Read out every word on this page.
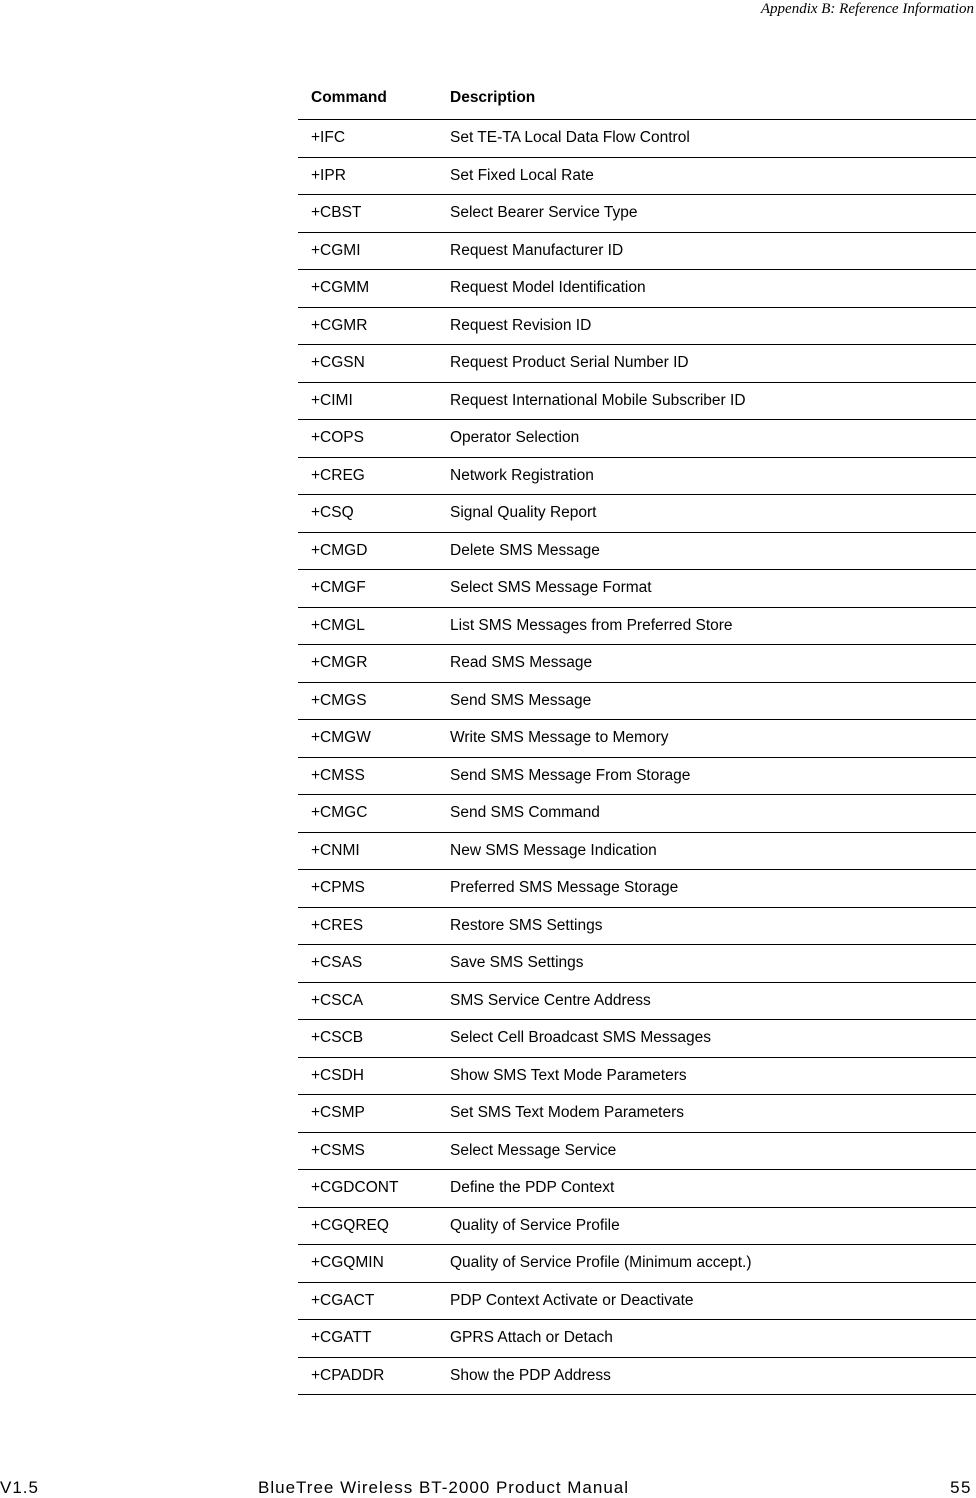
Appendix B: Reference Information
Command	Description
+IFC	Set TE-TA Local Data Flow Control
+IPR	Set Fixed Local Rate
+CBST	Select Bearer Service Type
+CGMI	Request Manufacturer ID
+CGMM	Request Model Identification
+CGMR	Request Revision ID
+CGSN	Request Product Serial Number ID
+CIMI	Request International Mobile Subscriber ID
+COPS	Operator Selection
+CREG	Network Registration
+CSQ	Signal Quality Report
+CMGD	Delete SMS Message
+CMGF	Select SMS Message Format
+CMGL	List SMS Messages from Preferred Store
+CMGR	Read SMS Message
+CMGS	Send SMS Message
+CMGW	Write SMS Message to Memory
+CMSS	Send SMS Message From Storage
+CMGC	Send SMS Command
+CNMI	New SMS Message Indication
+CPMS	Preferred SMS Message Storage
+CRES	Restore SMS Settings
+CSAS	Save SMS Settings
+CSCA	SMS Service Centre Address
+CSCB	Select Cell Broadcast SMS Messages
+CSDH	Show SMS Text Mode Parameters
+CSMP	Set SMS Text Modem Parameters
+CSMS	Select Message Service
+CGDCONT	Define the PDP Context
+CGQREQ	Quality of Service Profile
+CGQMIN	Quality of Service Profile (Minimum accept.)
+CGACT	PDP Context Activate or Deactivate
+CGATT	GPRS Attach or Detach
+CPADDR	Show the PDP Address
V1.5	BlueTree Wireless BT-2000 Product Manual	55
